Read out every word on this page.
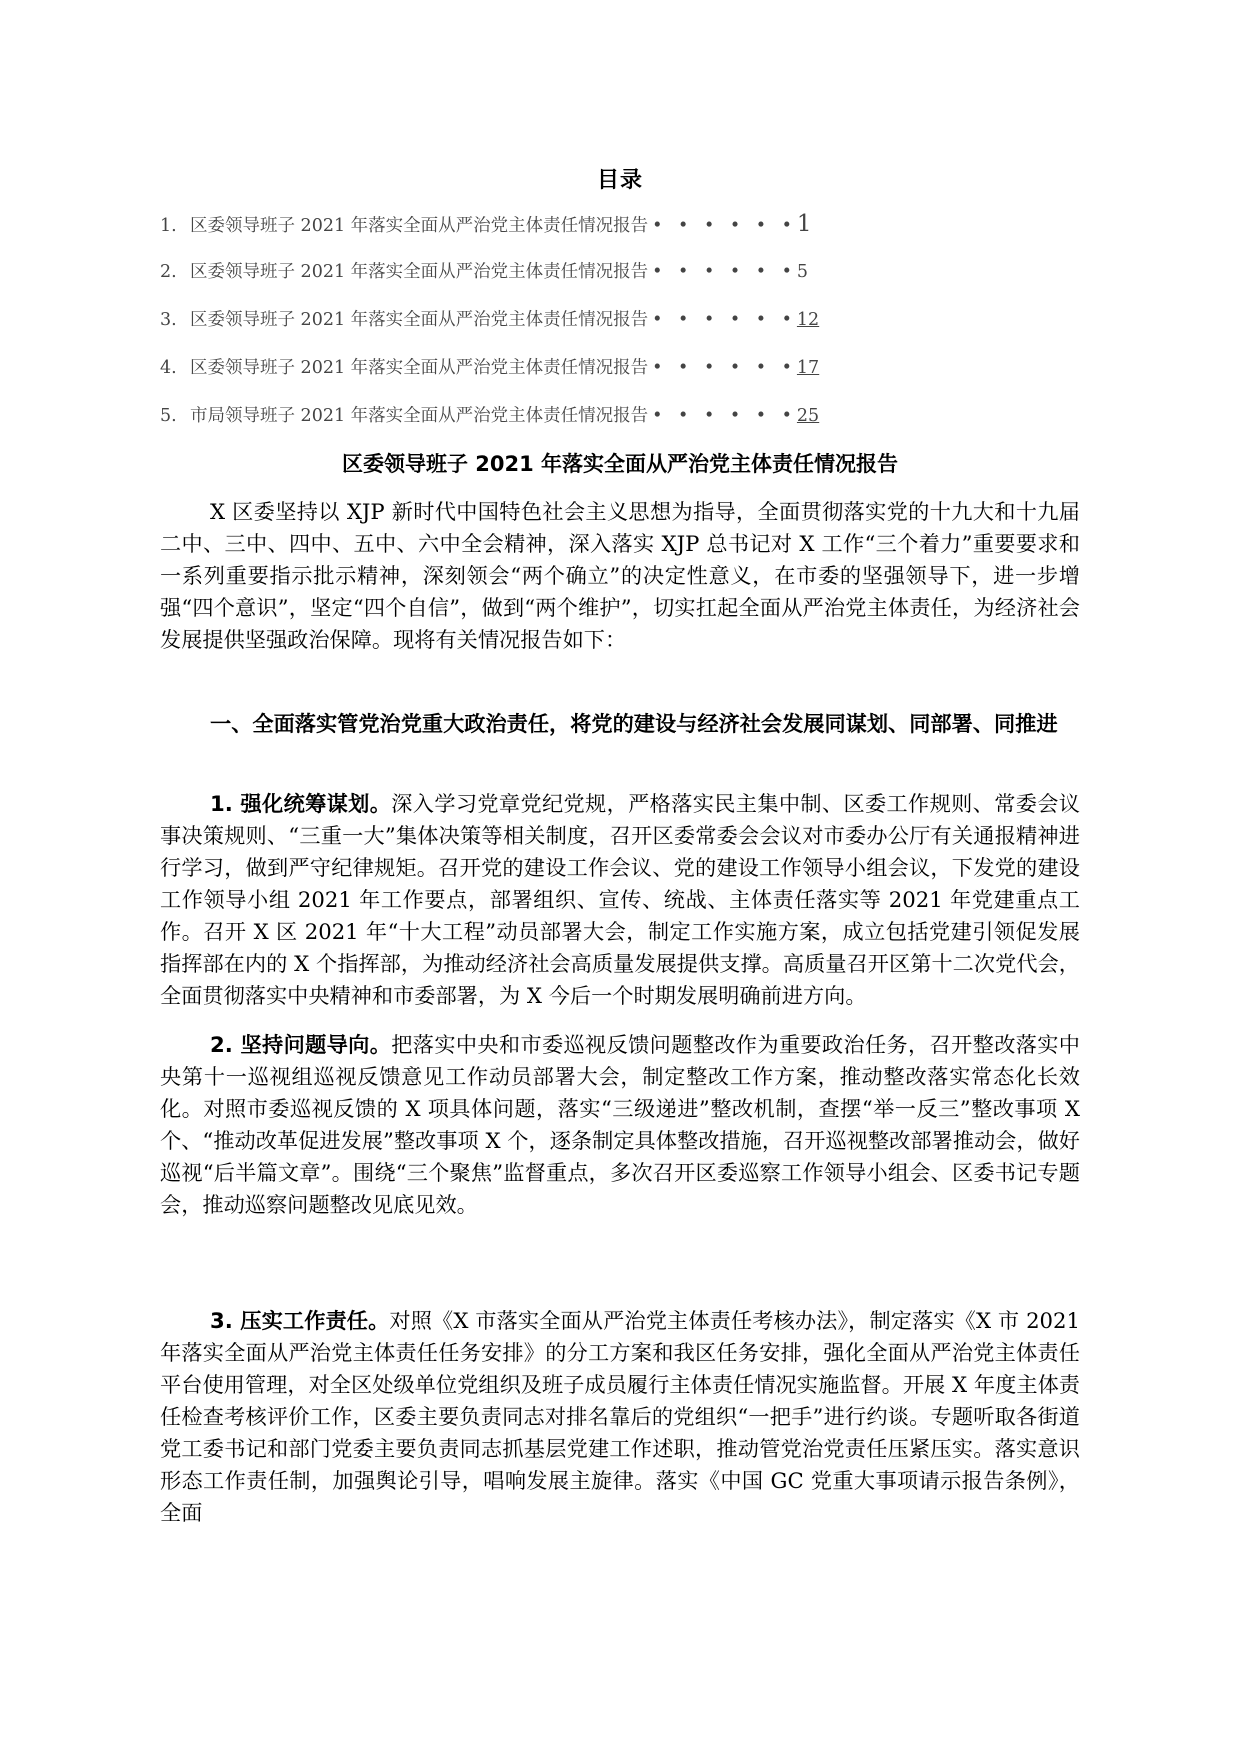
目录
1. 区委领导班子 2021 年落实全面从严治党主体责任情况报告 • • • • • •1
2. 区委领导班子 2021 年落实全面从严治党主体责任情况报告 • • • • • •5
3. 区委领导班子 2021 年落实全面从严治党主体责任情况报告 • • • • • •12
4. 区委领导班子 2021 年落实全面从严治党主体责任情况报告 • • • • • •17
5. 市局领导班子 2021 年落实全面从严治党主体责任情况报告 • • • • • •25
区委领导班子 2021 年落实全面从严治党主体责任情况报告

X 区委坚持以 XJP 新时代中国特色社会主义思想为指导，全面贯彻落实党的十九大和十九届二中、三中、四中、五中、六中全会精神，深入落实 XJP 总书记对 X 工作“三个着力”重要要求和一系列重要指示批示精神，深刻领会“两个确立”的决定性意义，在市委的坚强领导下，进一步增强“四个意识”，坚定“四个自信”，做到“两个维护”，切实扛起全面从严治党主体责任，为经济社会发展提供坚强政治保障。现将有关情况报告如下：

一、全面落实管党治党重大政治责任，将党的建设与经济社会发展同谋划、同部署、同推进

1. 强化统筹谋划。深入学习党章党纪党规，严格落实民主集中制、区委工作规则、常委会议事决策规则、“三重一大”集体决策等相关制度，召开区委常委会会议对市委办公厅有关通报精神进行学习，做到严守纪律规矩。召开党的建设工作会议、党的建设工作领导小组会议，下发党的建设工作领导小组 2021 年工作要点，部署组织、宣传、统战、主体责任落实等 2021 年党建重点工作。召开 X 区 2021 年“十大工程”动员部署大会，制定工作实施方案，成立包括党建引领促发展指挥部在内的 X 个指挥部，为推动经济社会高质量发展提供支撑。高质量召开区第十二次党代会，全面贯彻落实中央精神和市委部署，为 X 今后一个时期发展明确前进方向。

2. 坚持问题导向。把落实中央和市委巡视反馈问题整改作为重要政治任务，召开整改落实中央第十一巡视组巡视反馈意见工作动员部署大会，制定整改工作方案，推动整改落实常态化长效化。对照市委巡视反馈的 X 项具体问题，落实“三级递进”整改机制，查摆“举一反三”整改事项 X 个、“推动改革促进发展”整改事项 X 个，逐条制定具体整改措施，召开巡视整改部署推动会，做好巡视“后半篇文章”。围绕“三个聚焦”监督重点，多次召开区委巡察工作领导小组会、区委书记专题会，推动巡察问题整改见底见效。

3. 压实工作责任。对照《X 市落实全面从严治党主体责任考核办法》，制定落实《X 市 2021 年落实全面从严治党主体责任任务安排》的分工方案和我区任务安排，强化全面从严治党主体责任平台使用管理，对全区处级单位党组织及班子成员履行主体责任情况实施监督。开展 X 年度主体责任检查考核评价工作，区委主要负责同志对排名靠后的党组织“一把手”进行约谈。专题听取各街道党工委书记和部门党委主要负责同志抓基层党建工作述职，推动管党治党责任压紧压实。落实意识形态工作责任制，加强舆论引导，唱响发展主旋律。落实《中国 GC 党重大事项请示报告条例》，全面
